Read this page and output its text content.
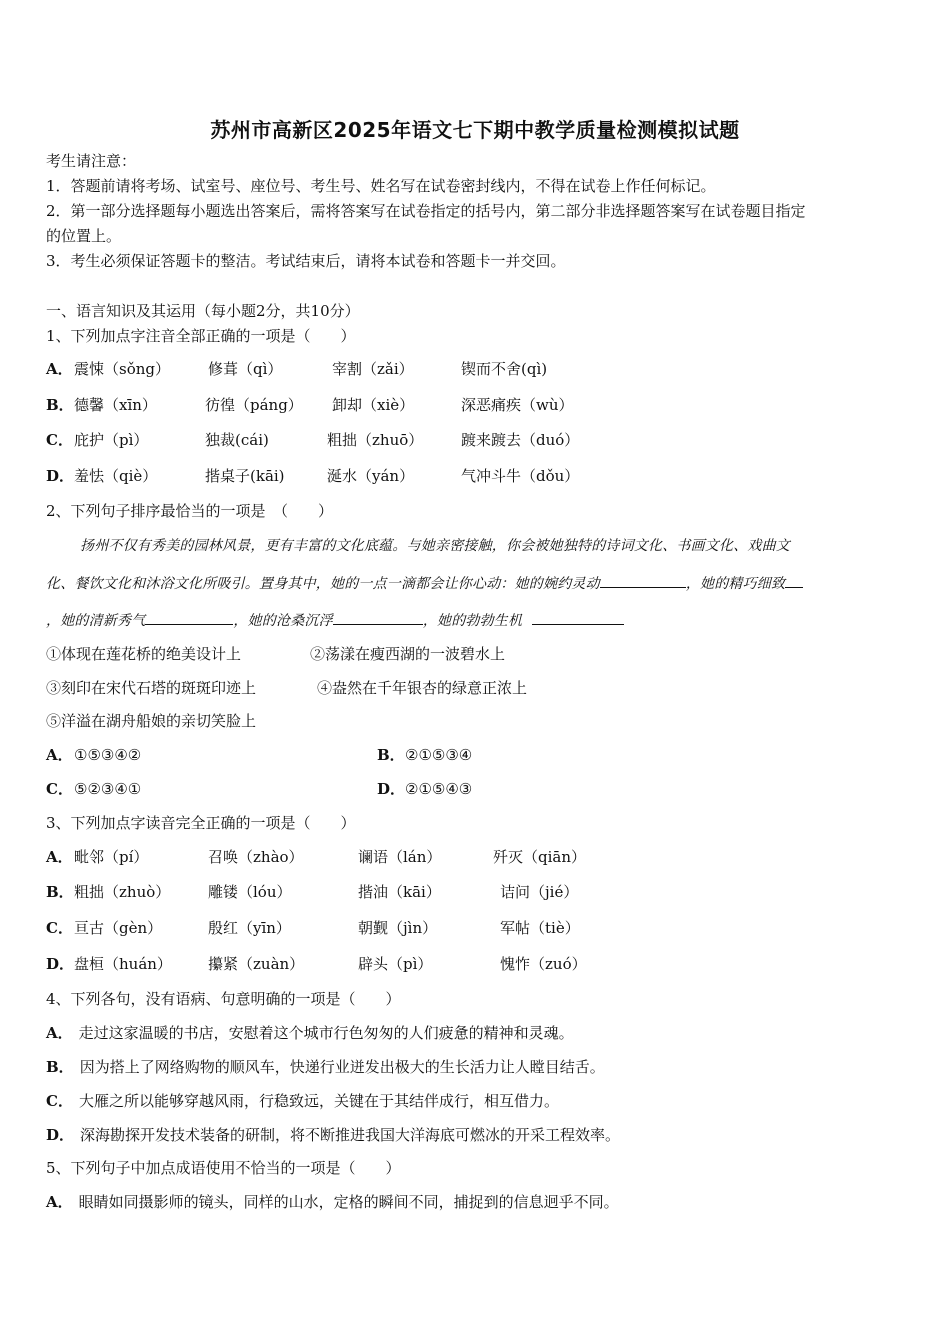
苏州市高新区2025年语文七下期中教学质量检测模拟试题
考生请注意：
1．答题前请将考场、试室号、座位号、考生号、姓名写在试卷密封线内，不得在试卷上作任何标记。
2．第一部分选择题每小题选出答案后，需将答案写在试卷指定的括号内，第二部分非选择题答案写在试卷题目指定
的位置上。
3．考生必须保证答题卡的整洁。考试结束后，请将本试卷和答题卡一并交回。
一、语言知识及其运用（每小题2分，共10分）
1、下列加点字注音全部正确的一项是（　　）
A． 震悚（sǒng）	修葺（qì）	宰割（zǎi）	锲而不舍(qì)
B． 德馨（xīn）	彷徨（páng） 卸却（xiè）	深恶痛疾（wù）
C． 庇护（pì）	独裁(cái)	粗拙（zhuō）	踱来踱去（duó）
D． 羞怯（qiè）	揩桌子(kāi)	涎水（yán）	气冲斗牛（dǒu）
2、下列句子排序最恰当的一项是　（　　）
扬州不仅有秀美的园林风景，更有丰富的文化底蕴。与她亲密接触，你会被她独特的诗词文化、书画文化、戏曲文
化、餐饮文化和沐浴文化所吸引。置身其中，她的一点一滴都会让你心动：她的婉约灵动	，她的精巧细致
，她的清新秀气	，她的沧桑沉浮	，她的勃勃生机
①体现在莲花桥的绝美设计上	②荡漾在瘦西湖的一波碧水上
③刻印在宋代石塔的斑斑印迹上	④盎然在千年银杏的绿意正浓上
⑤洋溢在湖舟船娘的亲切笑脸上
A． ①⑤③④②	B． ②①⑤③④
C． ⑤②③④①	D． ②①⑤④③
3、下列加点字读音完全正确的一项是（　　）
A． 毗邻（pí）	召唤（zhào）	谰语（lán）	歼灭（qiān）
B． 粗拙（zhuò）	雕镂（lóu）	揩油（kāi）	诘问（jié）
C． 亘古（gèn）	殷红（yīn）	朝觐（jìn）	军帖（tiè）
D． 盘桓（huán） 攥紧（zuàn）	辟头（pì）	愧怍（zuó）
4、下列各句，没有语病、句意明确的一项是（　　）
A． 走过这家温暖的书店，安慰着这个城市行色匆匆的人们疲惫的精神和灵魂。
B． 因为搭上了网络购物的顺风车，快递行业迸发出极大的生长活力让人瞠目结舌。
C． 大雁之所以能够穿越风雨，行稳致远，关键在于其结伴成行，相互借力。
D． 深海勘探开发技术装备的研制，将不断推进我国大洋海底可燃冰的开采工程效率。
5、下列句子中加点成语使用不恰当的一项是（　　）
A． 眼睛如同摄影师的镜头，同样的山水，定格的瞬间不同，捕捉到的信息迥乎不同。
